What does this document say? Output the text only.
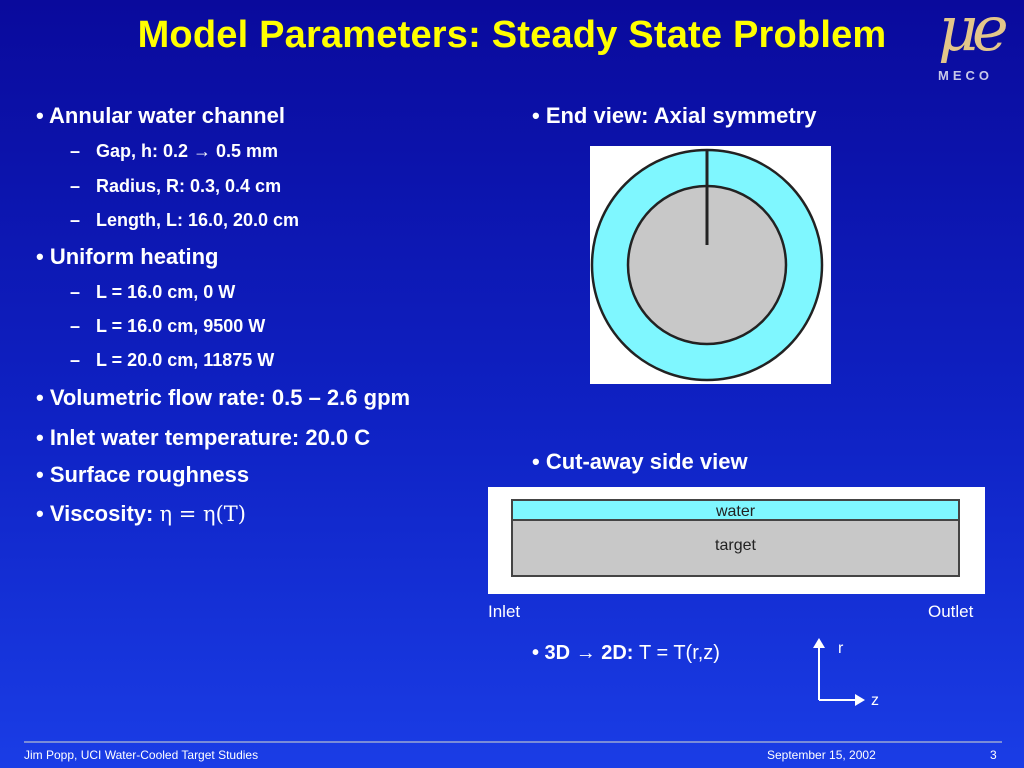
Model Parameters: Steady State Problem μ
e
MECO
• Annular water channel
– Gap, h: 0.2 → 0.5 mm
– Radius, R: 0.3, 0.4 cm
– Length, L: 16.0, 20.0 cm
• Uniform heating
– L = 16.0 cm, 0 W
– L = 16.0 cm, 9500 W
– L = 20.0 cm, 11875 W
• Volumetric flow rate: 0.5 – 2.6 gpm
• Inlet water temperature: 20.0 C
• Surface roughness
• Viscosity: η = η(T)
• End view: Axial symmetry
• Cut-away side view
water
target
Inlet	Outlet
• 3D → 2D: T = T(r,z)	r
z
Jim Popp, UCI Water-Cooled Target Studies	September 15, 2002	3
